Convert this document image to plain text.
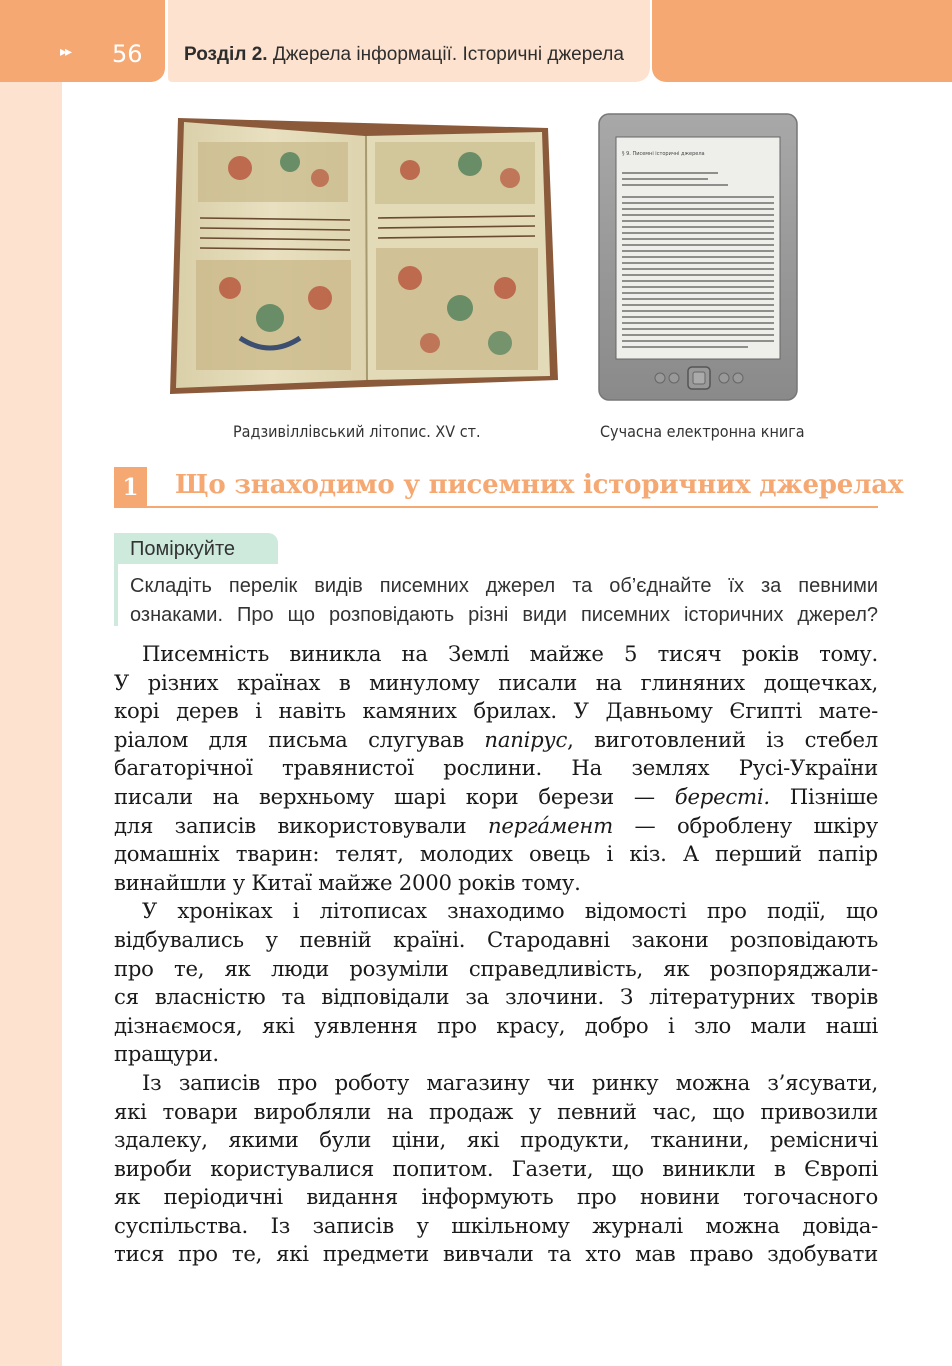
▸▸ 56 Розділ 2. Джерела інформації. Історичні джерела
§ 9. Писемні історичні джерела
Радзивіллівський літопис. XV ст.	Сучасна електронна книга
1	Що знаходимо у писемних історичних джерелах
Поміркуйте
Складіть перелік видів писемних джерел та об’єднайте їх за певними
ознаками. Про що розповідають різні види писемних історичних джерел?
Писемність виникла на Землі майже 5 тисяч років тому.
У різних країнах в минулому писали на глиняних дощечках,
корі дерев і навіть камяних брилах. У Давньому Єгипті мате-
ріалом для письма слугував папірус, виготовлений із стебел
багаторічної травянистої рослини. На землях Русі-України
писали на верхньому шарі кори берези — бересті. Пізніше
для записів використовували пергáмент — оброблену шкіру
домашніх тварин: телят, молодих овець і кіз. А перший папір
винайшли у Китаї майже 2000 років тому.
У хроніках і літописах знаходимо відомості про події, що
відбувались у певній країні. Стародавні закони розповідають
про те, як люди розуміли справедливість, як розпоряджали-
ся власністю та відповідали за злочини. З літературних творів
дізнаємося, які уявлення про красу, добро і зло мали наші
пращури.
Із записів про роботу магазину чи ринку можна з’ясувати,
які товари виробляли на продаж у певний час, що привозили
здалеку, якими були ціни, які продукти, тканини, ремісничі
вироби користувалися попитом. Газети, що виникли в Європі
як періодичні видання інформують про новини тогочасного
суспільства. Із записів у шкільному журналі можна довіда-
тися про те, які предмети вивчали та хто мав право здобувати
